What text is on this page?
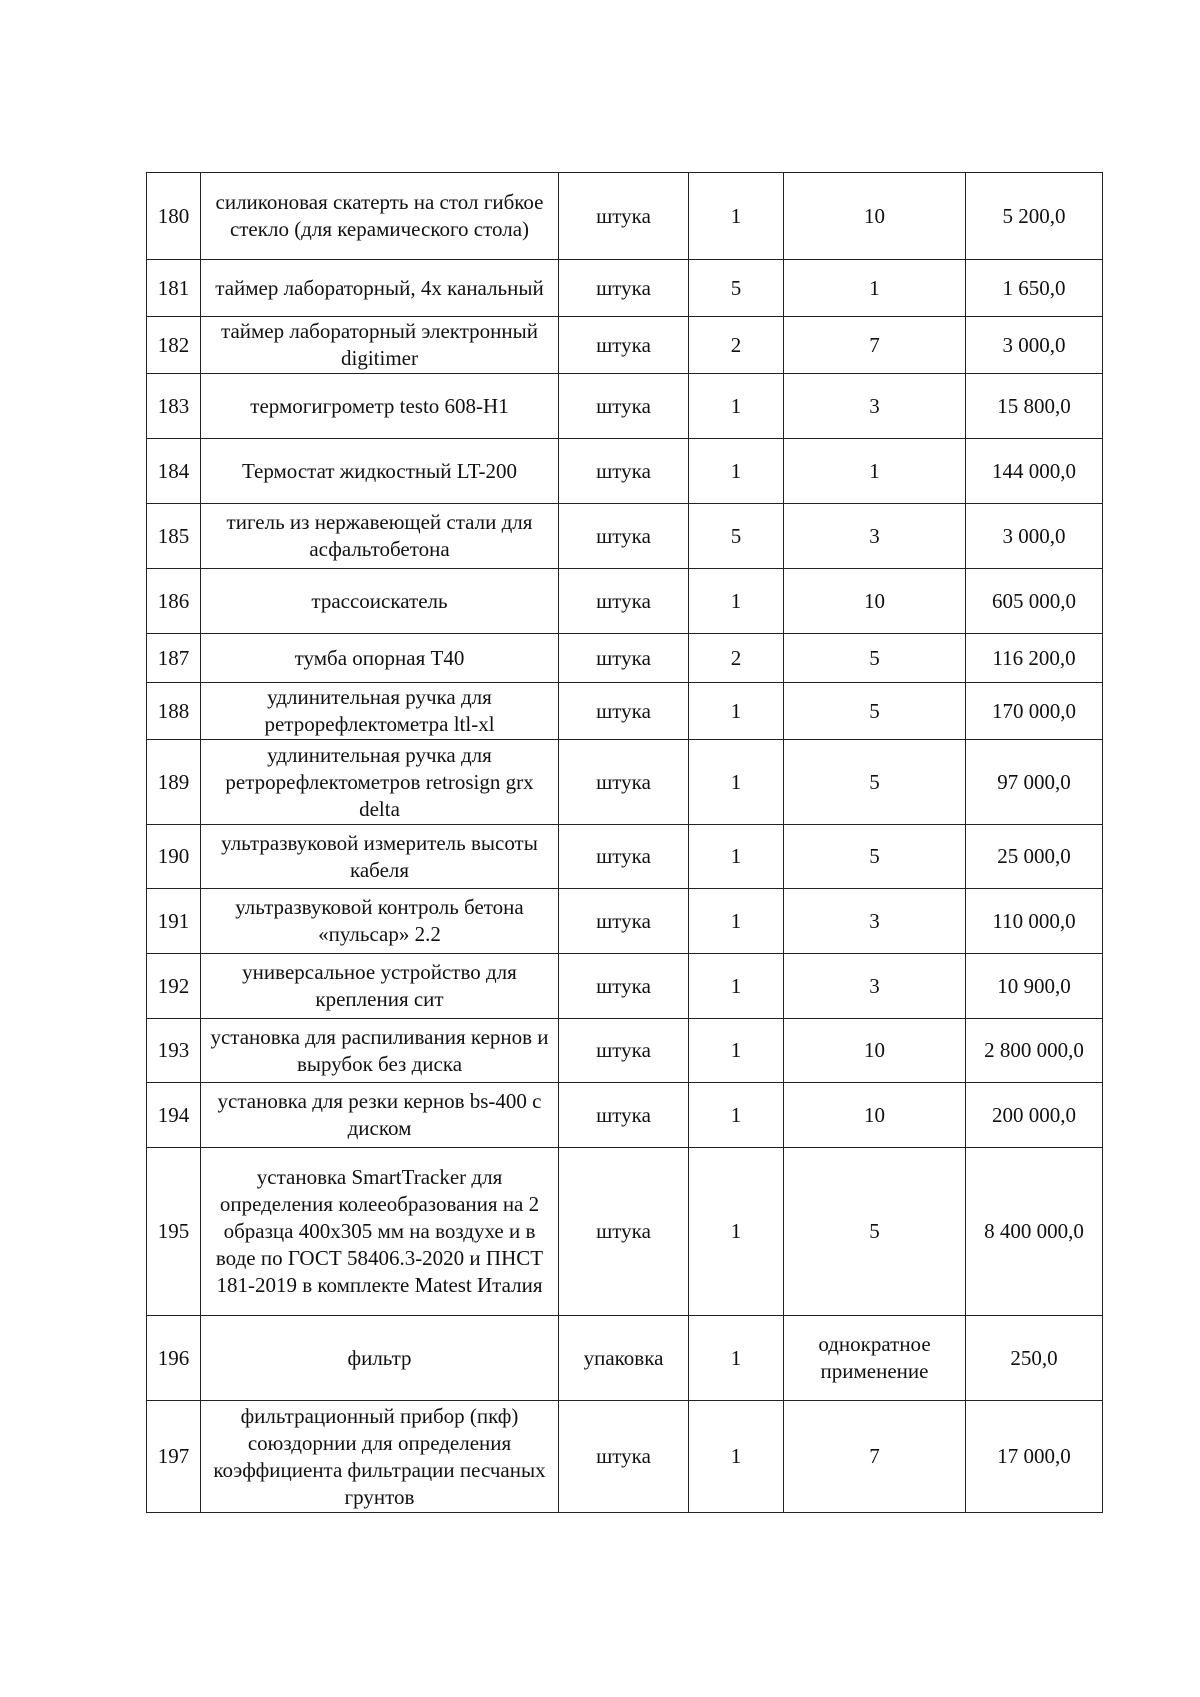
180	силиконовая скатерть на стол гибкое стекло (для керамического стола)	штука	1	10	5 200,0
181	таймер лабораторный, 4х канальный	штука	5	1	1 650,0
182	таймер лабораторный электронный digitimer	штука	2	7	3 000,0
183	термогигрометр testo 608-H1	штука	1	3	15 800,0
184	Термостат жидкостный LT-200	штука	1	1	144 000,0
185	тигель из нержавеющей стали для асфальтобетона	штука	5	3	3 000,0
186	трассоискатель	штука	1	10	605 000,0
187	тумба опорная Т40	штука	2	5	116 200,0
188	удлинительная ручка для ретрорефлектометра ltl-xl	штука	1	5	170 000,0
189	удлинительная ручка для ретрорефлектометров retrosign grx delta	штука	1	5	97 000,0
190	ультразвуковой измеритель высоты кабеля	штука	1	5	25 000,0
191	ультразвуковой контроль бетона «пульсар» 2.2	штука	1	3	110 000,0
192	универсальное устройство для крепления сит	штука	1	3	10 900,0
193	установка для распиливания кернов и вырубок без диска	штука	1	10	2 800 000,0
194	установка для резки кернов bs-400 с диском	штука	1	10	200 000,0
195	установка SmartTracker для определения колееобразования на 2 образца 400х305 мм на воздухе и в воде по ГОСТ 58406.3-2020 и ПНСТ 181-2019 в комплекте Matest Италия	штука	1	5	8 400 000,0
196	фильтр	упаковка	1	однократное применение	250,0
197	фильтрационный прибор (пкф) союздорнии для определения коэффициента фильтрации песчаных грунтов	штука	1	7	17 000,0
